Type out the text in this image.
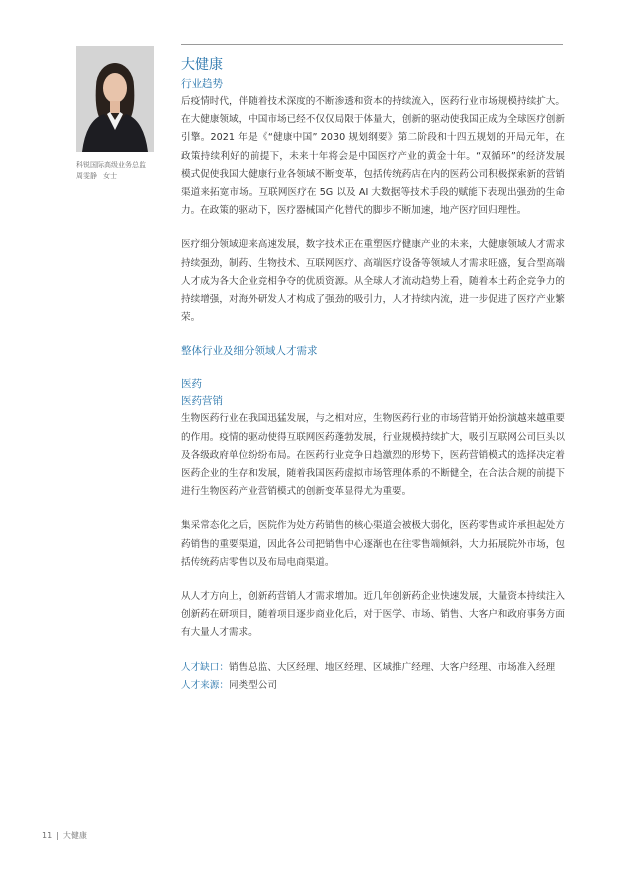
科锐国际高级业务总监
周雯静 女士
大健康
行业趋势

后疫情时代，伴随着技术深度的不断渗透和资本的持续流入，医药行业市场规模持续扩大。在大健康领域，中国市场已经不仅仅局限于体量大，创新的驱动使我国正成为全球医疗创新引擎。2021 年是《“健康中国” 2030 规划纲要》第二阶段和十四五规划的开局元年，在政策持续利好的前提下，未来十年将会是中国医疗产业的黄金十年。“双循环”的经济发展模式促使我国大健康行业各领域不断变革，包括传统药店在内的医药公司积极探索新的营销渠道来拓宽市场。互联网医疗在 5G 以及 AI 大数据等技术手段的赋能下表现出强劲的生命力。在政策的驱动下，医疗器械国产化替代的脚步不断加速，地产医疗回归理性。

医疗细分领域迎来高速发展，数字技术正在重塑医疗健康产业的未来，大健康领域人才需求持续强劲，制药、生物技术、互联网医疗、高端医疗设备等领域人才需求旺盛，复合型高端人才成为各大企业竞相争夺的优质资源。从全球人才流动趋势上看，随着本土药企竞争力的持续增强，对海外研发人才构成了强劲的吸引力，人才持续内流，进一步促进了医疗产业繁荣。

整体行业及细分领域人才需求
医药
医药营销

生物医药行业在我国迅猛发展，与之相对应，生物医药行业的市场营销开始扮演越来越重要的作用。疫情的驱动使得互联网医药蓬勃发展，行业规模持续扩大，吸引互联网公司巨头以及各级政府单位纷纷布局。在医药行业竞争日趋激烈的形势下，医药营销模式的选择决定着医药企业的生存和发展，随着我国医药虚拟市场管理体系的不断健全，在合法合规的前提下进行生物医药产业营销模式的创新变革显得尤为重要。

集采常态化之后，医院作为处方药销售的核心渠道会被极大弱化，医药零售或许承担起处方药销售的重要渠道，因此各公司把销售中心逐渐也在往零售端倾斜，大力拓展院外市场，包括传统药店零售以及布局电商渠道。

从人才方向上，创新药营销人才需求增加。近几年创新药企业快速发展，大量资本持续注入创新药在研项目，随着项目逐步商业化后，对于医学、市场、销售、大客户和政府事务方面有大量人才需求。

人才缺口：销售总监、大区经理、地区经理、区域推广经理、大客户经理、市场准入经理

人才来源：同类型公司

11 | 大健康
